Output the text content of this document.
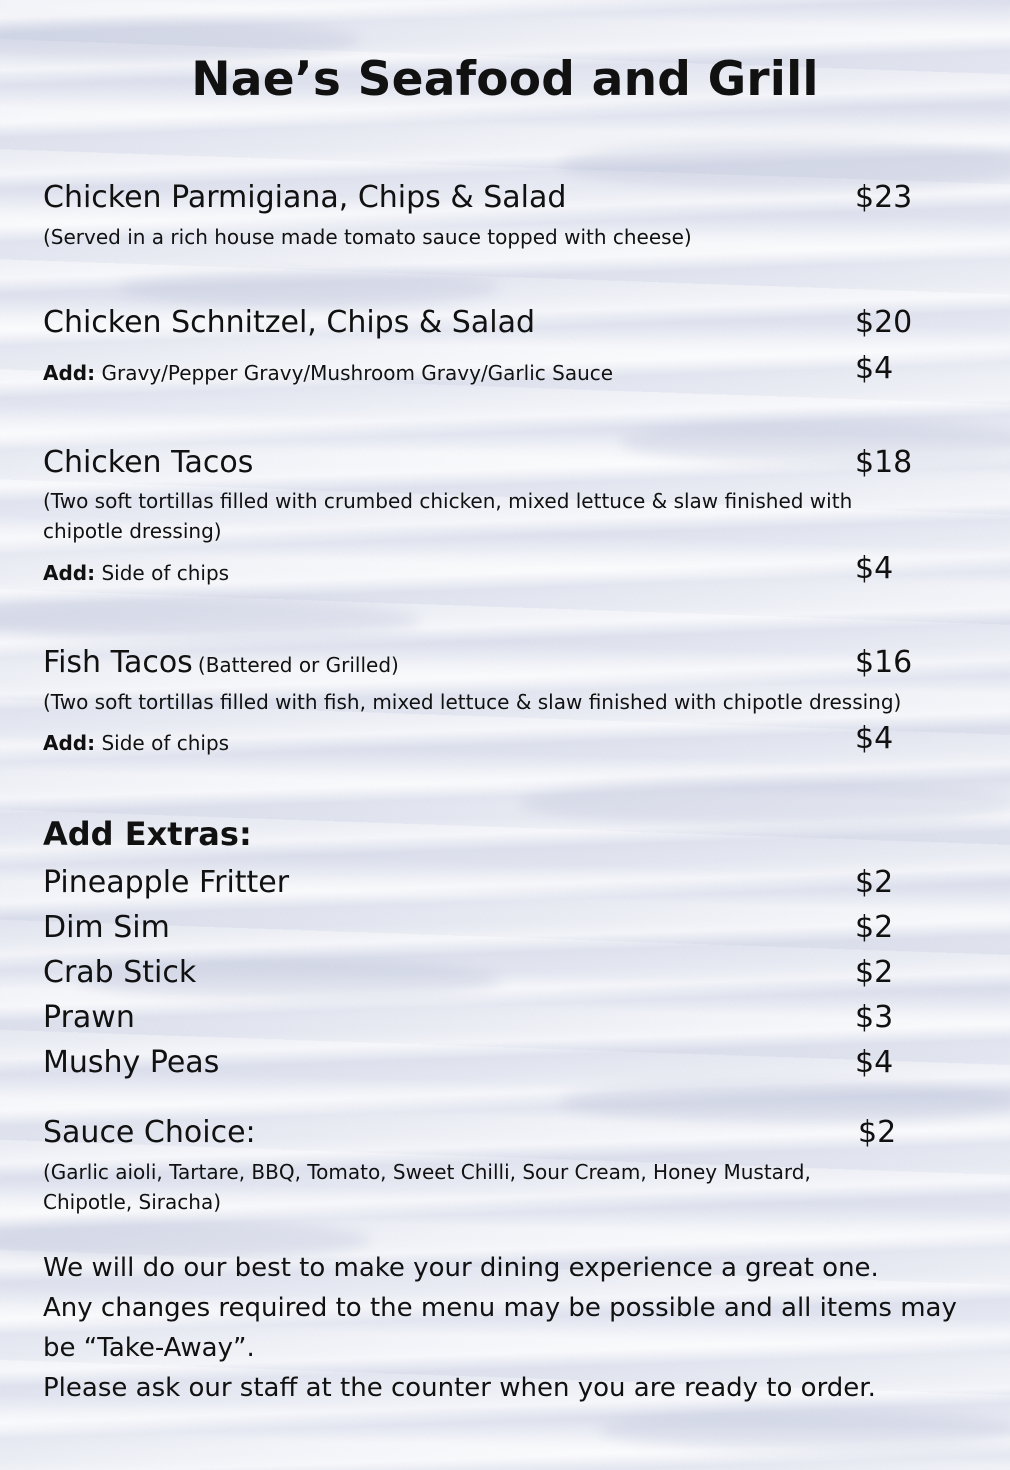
Nae’s Seafood and Grill
Chicken Parmigiana, Chips & Salad	$23
(Served in a rich house made tomato sauce topped with cheese)
Chicken Schnitzel, Chips & Salad	$20
Add: Gravy/Pepper Gravy/Mushroom Gravy/Garlic Sauce	$4
Chicken Tacos	$18
(Two soft tortillas filled with crumbed chicken, mixed lettuce & slaw finished with chipotle dressing)
Add: Side of chips	$4
Fish Tacos (Battered or Grilled)	$16
(Two soft tortillas filled with fish, mixed lettuce & slaw finished with chipotle dressing)
Add: Side of chips	$4
Add Extras:
Pineapple Fritter	$2
Dim Sim	$2
Crab Stick	$2
Prawn	$3
Mushy Peas	$4
Sauce Choice:	$2
(Garlic aioli, Tartare, BBQ, Tomato, Sweet Chilli, Sour Cream, Honey Mustard, Chipotle, Siracha)
We will do our best to make your dining experience a great one.
Any changes required to the menu may be possible and all items may be “Take-Away”.
Please ask our staff at the counter when you are ready to order.
